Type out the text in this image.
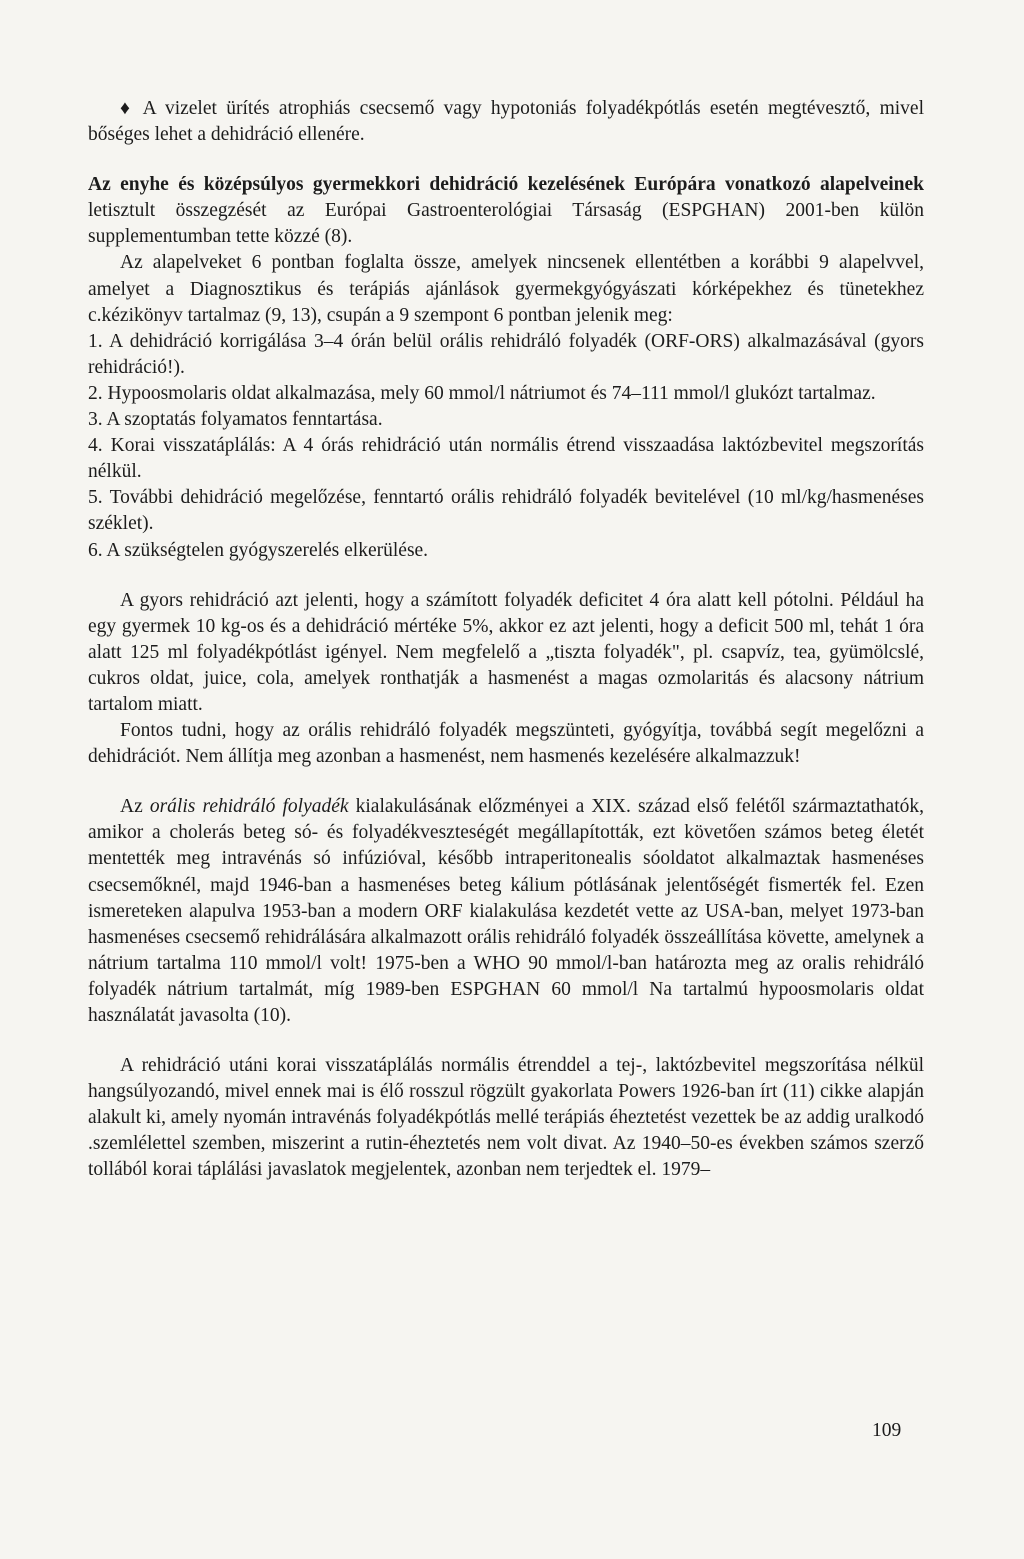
♦ A vizelet ürítés atrophiás csecsemő vagy hypotoniás folyadékpótlás esetén megtévesztő, mivel bőséges lehet a dehidráció ellenére.

Az enyhe és középsúlyos gyermekkori dehidráció kezelésének Európára vonatkozó alapelveinek letisztult összegzését az Európai Gastroenterológiai Társaság (ESPGHAN) 2001-ben külön supplementumban tette közzé (8).

Az alapelveket 6 pontban foglalta össze, amelyek nincsenek ellentétben a korábbi 9 alapelvvel, amelyet a Diagnosztikus és terápiás ajánlások gyermekgyógyászati kórképekhez és tünetekhez c.kézikönyv tartalmaz (9, 13), csupán a 9 szempont 6 pontban jelenik meg:

1. A dehidráció korrigálása 3–4 órán belül orális rehidráló folyadék (ORF-ORS) alkalmazásával (gyors rehidráció!).

2. Hypoosmolaris oldat alkalmazása, mely 60 mmol/l nátriumot és 74–111 mmol/l glukózt tartalmaz.

3. A szoptatás folyamatos fenntartása.

4. Korai visszatáplálás: A 4 órás rehidráció után normális étrend visszaadása laktózbevitel megszorítás nélkül.

5. További dehidráció megelőzése, fenntartó orális rehidráló folyadék bevitelével (10 ml/kg/hasmenéses széklet).

6. A szükségtelen gyógyszerelés elkerülése.

A gyors rehidráció azt jelenti, hogy a számított folyadék deficitet 4 óra alatt kell pótolni. Például ha egy gyermek 10 kg-os és a dehidráció mértéke 5%, akkor ez azt jelenti, hogy a deficit 500 ml, tehát 1 óra alatt 125 ml folyadékpótlást igényel. Nem megfelelő a „tiszta folyadék", pl. csapvíz, tea, gyümölcslé, cukros oldat, juice, cola, amelyek ronthatják a hasmenést a magas ozmolaritás és alacsony nátrium tartalom miatt.

Fontos tudni, hogy az orális rehidráló folyadék megszünteti, gyógyítja, továbbá segít megelőzni a dehidrációt. Nem állítja meg azonban a hasmenést, nem hasmenés kezelésére alkalmazzuk!

Az orális rehidráló folyadék kialakulásának előzményei a XIX. század első felétől származtathatók, amikor a cholerás beteg só- és folyadékveszteségét megállapították, ezt követően számos beteg életét mentették meg intravénás só infúzióval, később intraperitonealis sóoldatot alkalmaztak hasmenéses csecsemőknél, majd 1946-ban a hasmenéses beteg kálium pótlásának jelentőségét fismerték fel. Ezen ismereteken alapulva 1953-ban a modern ORF kialakulása kezdetét vette az USA-ban, melyet 1973-ban hasmenéses csecsemő rehidrálására alkalmazott orális rehidráló folyadék összeállítása követte, amelynek a nátrium tartalma 110 mmol/l volt! 1975-ben a WHO 90 mmol/l-ban határozta meg az oralis rehidráló folyadék nátrium tartalmát, míg 1989-ben ESPGHAN 60 mmol/l Na tartalmú hypoosmolaris oldat használatát javasolta (10).

A rehidráció utáni korai visszatáplálás normális étrenddel a tej-, laktózbevitel megszorítása nélkül hangsúlyozandó, mivel ennek mai is élő rosszul rögzült gyakorlata Powers 1926-ban írt (11) cikke alapján alakult ki, amely nyomán intravénás folyadékpótlás mellé terápiás éheztetést vezettek be az addig uralkodó .szemlélettel szemben, miszerint a rutin-éheztetés nem volt divat. Az 1940–50-es években számos szerző tollából korai táplálási javaslatok megjelentek, azonban nem terjedtek el. 1979–

109
